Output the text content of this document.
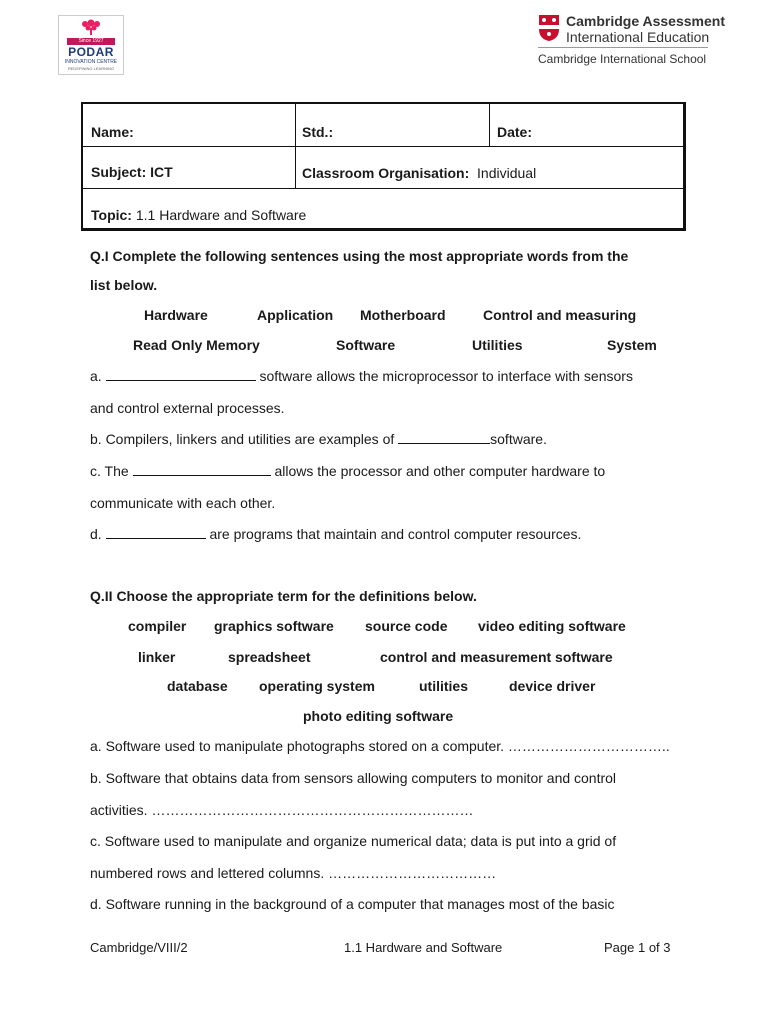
Since 1927
PODAR
INNOVATION CENTRE
REDEFINING LEARNING
Cambridge Assessment
International Education
Cambridge International School
Name:	Std.:	Date:
Subject: ICT	Classroom Organisation: Individual
Topic: 1.1 Hardware and Software
Q.I Complete the following sentences using the most appropriate words from the
list below.
Hardware	Application Motherboard	Control and measuring
Read Only Memory	Software	Utilities	System
a.	software allows the microprocessor to interface with sensors
and control external processes.
b. Compilers, linkers and utilities are examples of	software.
c. The	allows the processor and other computer hardware to
communicate with each other.
d.	are programs that maintain and control computer resources.
Q.II Choose the appropriate term for the definitions below.
compiler graphics software source code video editing software
linker	spreadsheet	control and measurement software
database operating system	utilities	device driver
photo editing software
a. Software used to manipulate photographs stored on a computer. ……………………………..
b. Software that obtains data from sensors allowing computers to monitor and control
activities. ……………………………………………………………
c. Software used to manipulate and organize numerical data; data is put into a grid of
numbered rows and lettered columns. ………………………………
d. Software running in the background of a computer that manages most of the basic
Cambridge/VIII/2	1.1 Hardware and Software	Page 1 of 3
